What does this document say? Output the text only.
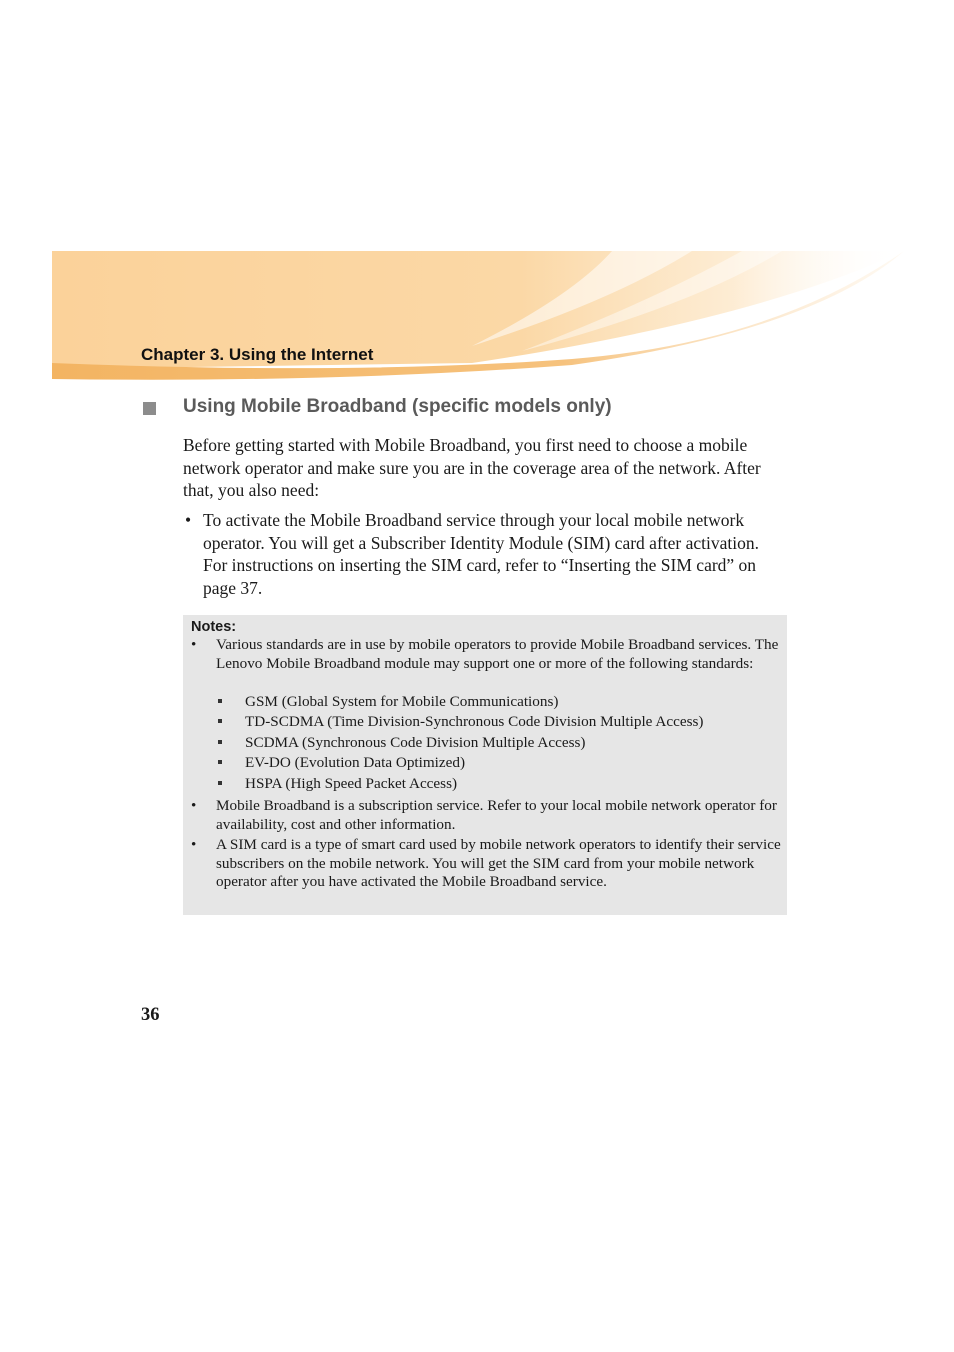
Chapter 3. Using the Internet
Using Mobile Broadband (specific models only)

Before getting started with Mobile Broadband, you first need to choose a mobile network operator and make sure you are in the coverage area of the network. After that, you also need:

• To activate the Mobile Broadband service through your local mobile network operator. You will get a Subscriber Identity Module (SIM) card after activation. For instructions on inserting the SIM card, refer to “Inserting the SIM card” on page 37.
Notes:
• Various standards are in use by mobile operators to provide Mobile Broadband services. The Lenovo Mobile Broadband module may support one or more of the following standards:
GSM (Global System for Mobile Communications)
TD-SCDMA (Time Division-Synchronous Code Division Multiple Access)
SCDMA (Synchronous Code Division Multiple Access)
EV-DO (Evolution Data Optimized)
HSPA (High Speed Packet Access)
• Mobile Broadband is a subscription service. Refer to your local mobile network operator for availability, cost and other information.
• A SIM card is a type of smart card used by mobile network operators to identify their service subscribers on the mobile network. You will get the SIM card from your mobile network operator after you have activated the Mobile Broadband service.
36
